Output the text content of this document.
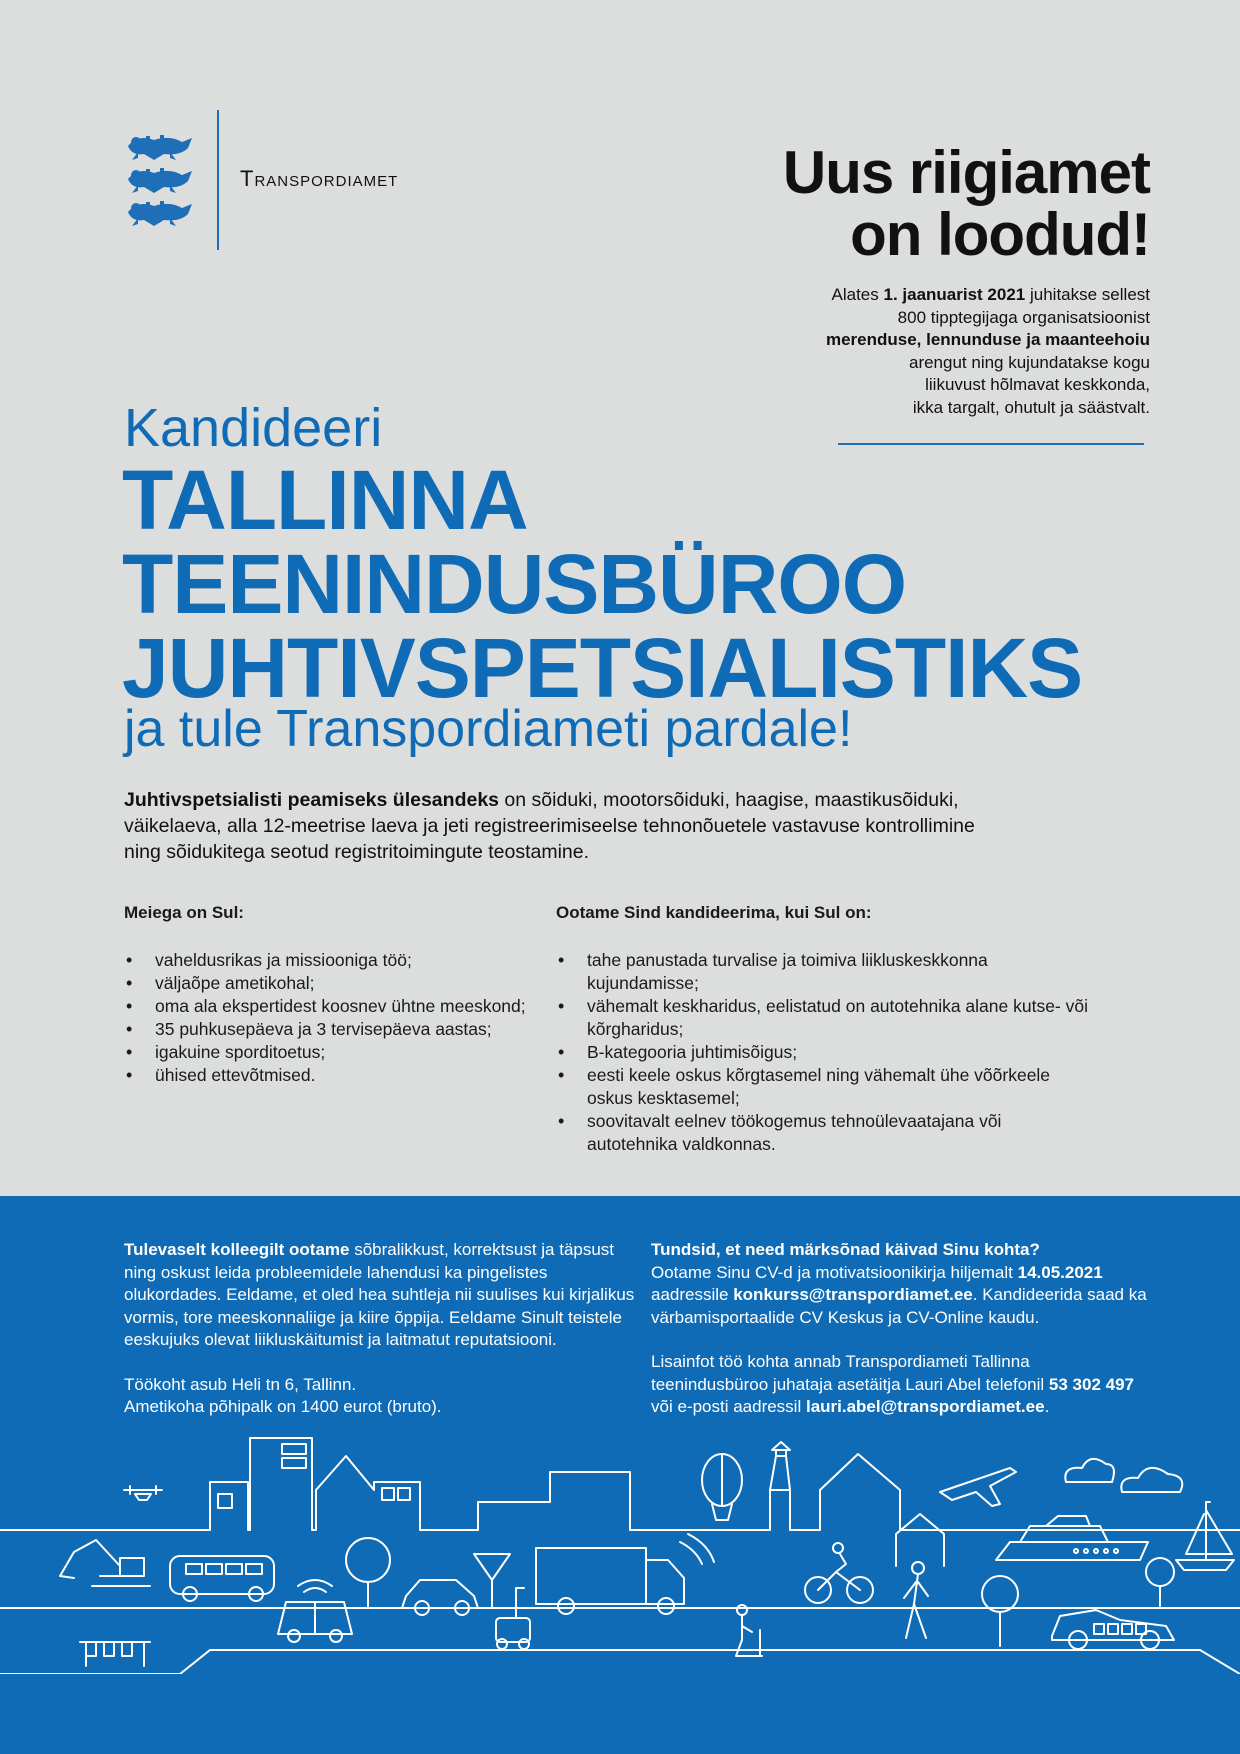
Transpordiamet	Uus riigiamet
on loodud!
Alates 1. jaanuarist 2021 juhitakse sellest
800 tipptegijaga organisatsioonist
merenduse, lennunduse ja maanteehoiu
arengut ning kujundatakse kogu
liikuvust hõlmavat keskkonda,
ikka targalt, ohutult ja säästvalt.
Kandideeri
TALLINNA
TEENINDUSBÜROO
JUHTIVSPETSIALISTIKS
ja tule Transpordiameti pardale!
Juhtivspetsialisti peamiseks ülesandeks on sõiduki, mootorsõiduki, haagise, maastikusõiduki, väikelaeva, alla 12-meetrise laeva ja jeti registreerimiseelse tehnonõuetele vastavuse kontrollimine ning sõidukitega seotud registritoimingute teostamine.
Meiega on Sul:
• vaheldusrikas ja missiooniga töö;
• väljaõpe ametikohal;
• oma ala ekspertidest koosnev ühtne meeskond;
• 35 puhkusepäeva ja 3 tervisepäeva aastas;
• igakuine sporditoetus;
• ühised ettevõtmised.
Ootame Sind kandideerima, kui Sul on:
• tahe panustada turvalise ja toimiva liikluskeskkonna kujundamisse;
• vähemalt keskharidus, eelistatud on autotehnika alane kutse- või kõrgharidus;
• B-kategooria juhtimisõigus;
• eesti keele oskus kõrgtasemel ning vähemalt ühe võõrkeele oskus kesktasemel;
• soovitavalt eelnev töökogemus tehnoülevaatajana või autotehnika valdkonnas.

Tulevaselt kolleegilt ootame sõbralikkust, korrektsust ja täpsust ning oskust leida probleemidele lahendusi ka pingelistes olukordades. Eeldame, et oled hea suhtleja nii suulises kui kirjalikus vormis, tore meeskonnaliige ja kiire õppija. Eeldame Sinult teistele eeskujuks olevat liikluskäitumist ja laitmatut reputatsiooni.

Töökoht asub Heli tn 6, Tallinn.

Ametikoha põhipalk on 1400 eurot (bruto).

Tundsid, et need märksõnad käivad Sinu kohta?

Ootame Sinu CV-d ja motivatsioonikirja hiljemalt 14.05.2021 aadressile konkurss@transpordiamet.ee. Kandideerida saad ka värbamisportaalide CV Keskus ja CV-Online kaudu.

Lisainfot töö kohta annab Transpordiameti Tallinna teenindusbüroo juhataja asetäitja Lauri Abel telefonil 53 302 497 või e-posti aadressil lauri.abel@transpordiamet.ee.
